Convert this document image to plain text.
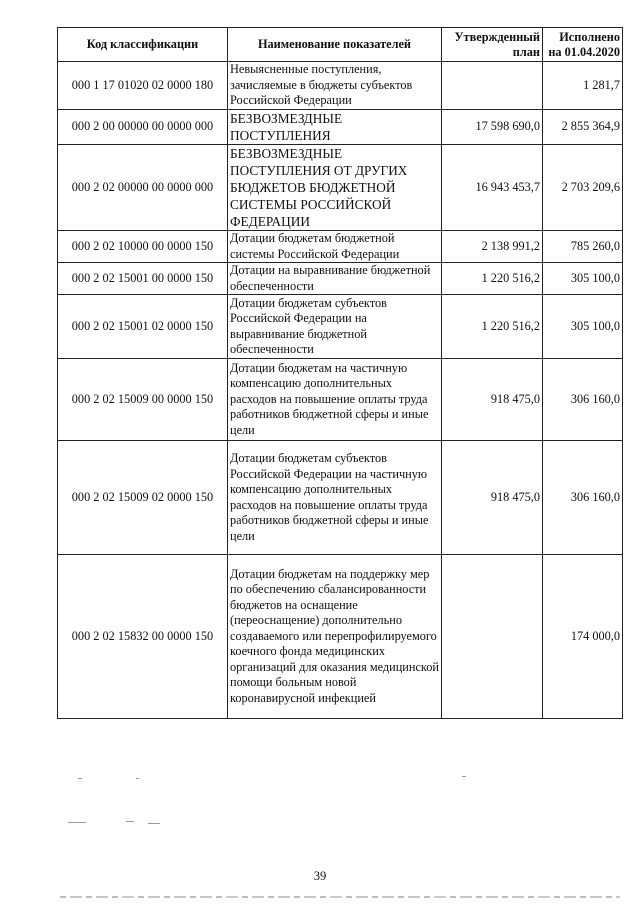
Код классификации	Наименование показателей	Утвержденный план	Исполнено на 01.04.2020
000 1 17 01020 02 0000 180	Невыясненные поступления, зачисляемые в бюджеты субъектов Российской Федерации		1 281,7
000 2 00 00000 00 0000 000	БЕЗВОЗМЕЗДНЫЕ ПОСТУПЛЕНИЯ	17 598 690,0	2 855 364,9
000 2 02 00000 00 0000 000	БЕЗВОЗМЕЗДНЫЕ ПОСТУПЛЕНИЯ ОТ ДРУГИХ БЮДЖЕТОВ БЮДЖЕТНОЙ СИСТЕМЫ РОССИЙСКОЙ ФЕДЕРАЦИИ	16 943 453,7	2 703 209,6
000 2 02 10000 00 0000 150	Дотации бюджетам бюджетной системы Российской Федерации	2 138 991,2	785 260,0
000 2 02 15001 00 0000 150	Дотации на выравнивание бюджетной обеспеченности	1 220 516,2	305 100,0
000 2 02 15001 02 0000 150	Дотации бюджетам субъектов Российской Федерации на выравнивание бюджетной обеспеченности	1 220 516,2	305 100,0
000 2 02 15009 00 0000 150	Дотации бюджетам на частичную компенсацию дополнительных расходов на повышение оплаты труда работников бюджетной сферы и иные цели	918 475,0	306 160,0
000 2 02 15009 02 0000 150	Дотации бюджетам субъектов Российской Федерации на частичную компенсацию дополнительных расходов на повышение оплаты труда работников бюджетной сферы и иные цели	918 475,0	306 160,0
000 2 02 15832 00 0000 150	Дотации бюджетам на поддержку мер по обеспечению сбалансированности бюджетов на оснащение (переоснащение) дополнительно создаваемого или перепрофилируемого коечного фонда медицинских организаций для оказания медицинской помощи больным новой коронавирусной инфекцией		174 000,0
39
